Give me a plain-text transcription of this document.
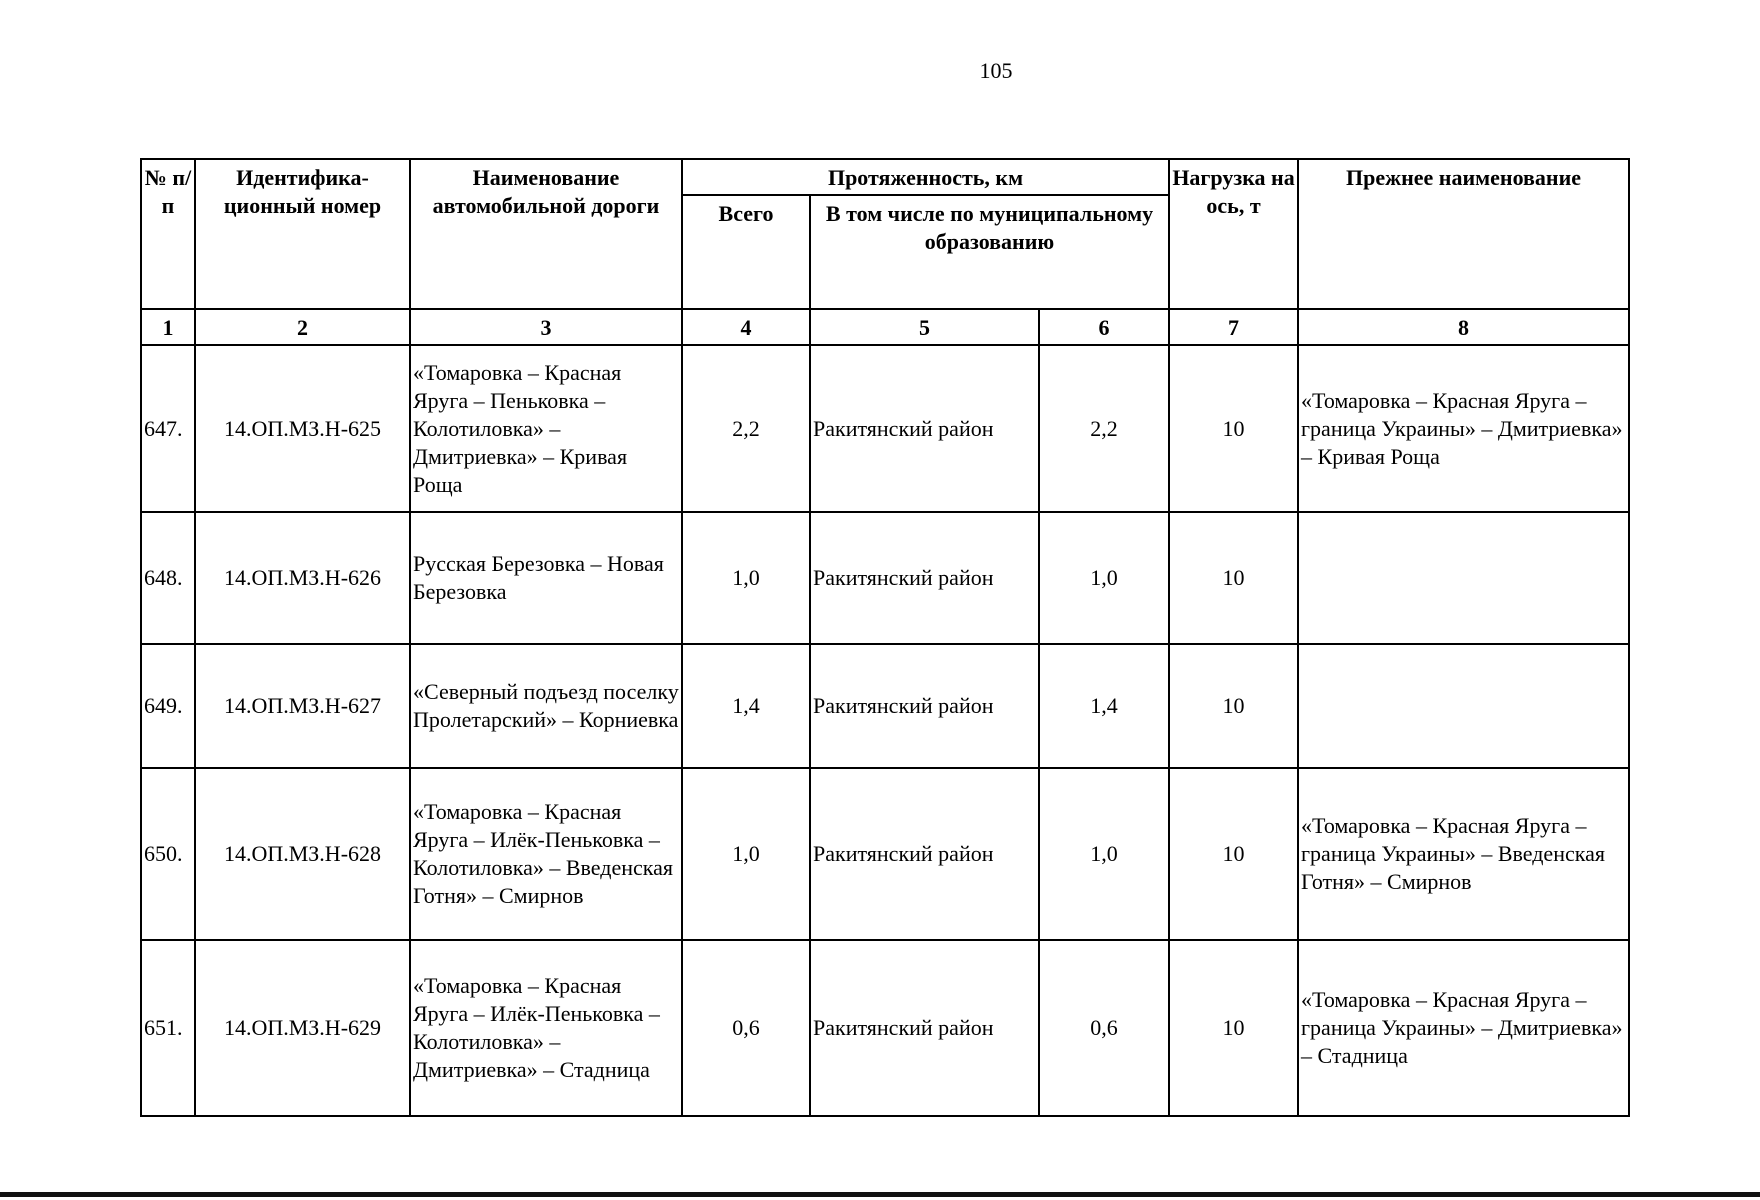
105
№ п/п	Идентифика-ционный номер	Наименование автомобильной дороги	Протяженность, км			Нагрузка на ось, т	Прежнее наименование
			Всего	В том числе по муниципальному образованию			
1	2	3	4	5	6	7	8
647.	14.ОП.МЗ.Н-625	«Томаровка – Красная Яруга – Пеньковка – Колотиловка» – Дмитриевка» – Кривая Роща	2,2	Ракитянский район	2,2	10	«Томаровка – Красная Яруга – граница Украины» – Дмитриевка» – Кривая Роща
648.	14.ОП.МЗ.Н-626	Русская Березовка – Новая Березовка	1,0	Ракитянский район	1,0	10	
649.	14.ОП.МЗ.Н-627	«Северный подъезд поселку Пролетарский» – Корниевка	1,4	Ракитянский район	1,4	10	
650.	14.ОП.МЗ.Н-628	«Томаровка – Красная Яруга – Илёк-Пеньковка – Колотиловка» – Введенская Готня» – Смирнов	1,0	Ракитянский район	1,0	10	«Томаровка – Красная Яруга – граница Украины» – Введенская Готня» – Смирнов
651.	14.ОП.МЗ.Н-629	«Томаровка – Красная Яруга – Илёк-Пеньковка – Колотиловка» – Дмитриевка» – Стадница	0,6	Ракитянский район	0,6	10	«Томаровка – Красная Яруга – граница Украины» – Дмитриевка» – Стадница
